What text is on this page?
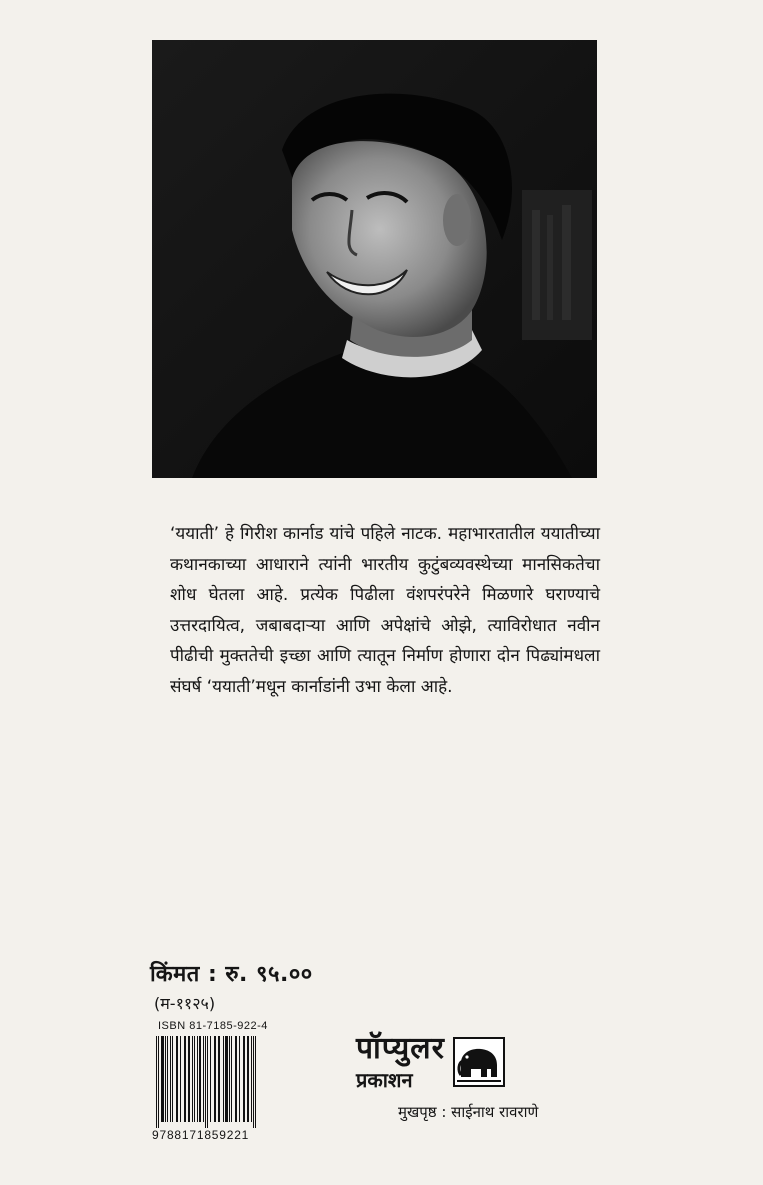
‘ययाती’ हे गिरीश कार्नाड यांचे पहिले नाटक. महाभारतातील ययातीच्या कथानकाच्या आधाराने त्यांनी भारतीय कुटुंबव्यवस्थेच्या मानसिकतेचा शोध घेतला आहे. प्रत्येक पिढीला वंशपरंपरेने मिळणारे घराण्याचे उत्तरदायित्व, जबाबदाऱ्या आणि अपेक्षांचे ओझे, त्याविरोधात नवीन पीढीची मुक्ततेची इच्छा आणि त्यातून निर्माण होणारा दोन पिढ्यांमधला संघर्ष ‘ययाती’मधून कार्नाडांनी उभा केला आहे.

किंमत : रु. ९५.००
(म-११२५)
ISBN 81-7185-922-4
9788171859221
पॉप्युलर
प्रकाशन
मुखपृष्ठ : साईनाथ रावराणे
